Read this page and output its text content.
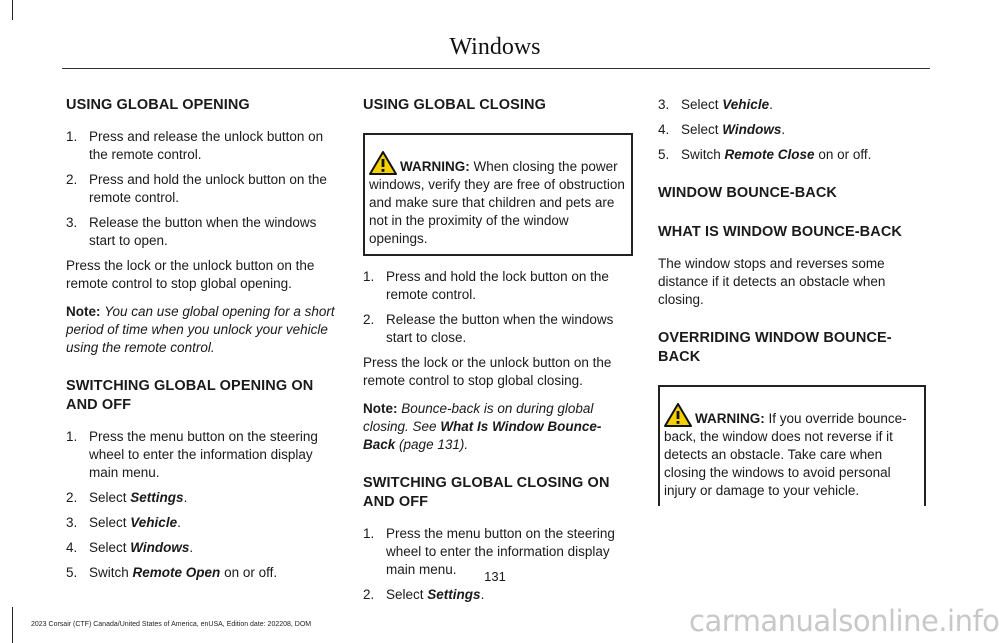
Windows
USING GLOBAL OPENING
1. Press and release the unlock button on the remote control.
2. Press and hold the unlock button on the remote control.
3. Release the button when the windows start to open.

Press the lock or the unlock button on the remote control to stop global opening.

Note: You can use global opening for a short period of time when you unlock your vehicle using the remote control.

SWITCHING GLOBAL OPENING ON AND OFF
1. Press the menu button on the steering wheel to enter the information display main menu.
2. Select Settings.
3. Select Vehicle.
4. Select Windows.
5. Switch Remote Open on or off.
USING GLOBAL CLOSING
WARNING: When closing the power windows, verify they are free of obstruction and make sure that children and pets are not in the proximity of the window openings.
1. Press and hold the lock button on the remote control.
2. Release the button when the windows start to close.

Press the lock or the unlock button on the remote control to stop global closing.

Note: Bounce-back is on during global closing. See What Is Window Bounce-Back (page 131).

SWITCHING GLOBAL CLOSING ON AND OFF
1. Press the menu button on the steering wheel to enter the information display main menu.
2. Select Settings.
3. Select Vehicle.
4. Select Windows.
5. Switch Remote Close on or off.
WINDOW BOUNCE-BACK
WHAT IS WINDOW BOUNCE-BACK

The window stops and reverses some distance if it detects an obstacle when closing.

OVERRIDING WINDOW BOUNCE-BACK
WARNING: If you override bounce-back, the window does not reverse if it detects an obstacle. Take care when closing the windows to avoid personal injury or damage to your vehicle.
131
2023 Corsair (CTF) Canada/United States of America, enUSA, Edition date: 202208, DOM	carmanualsonline.info
